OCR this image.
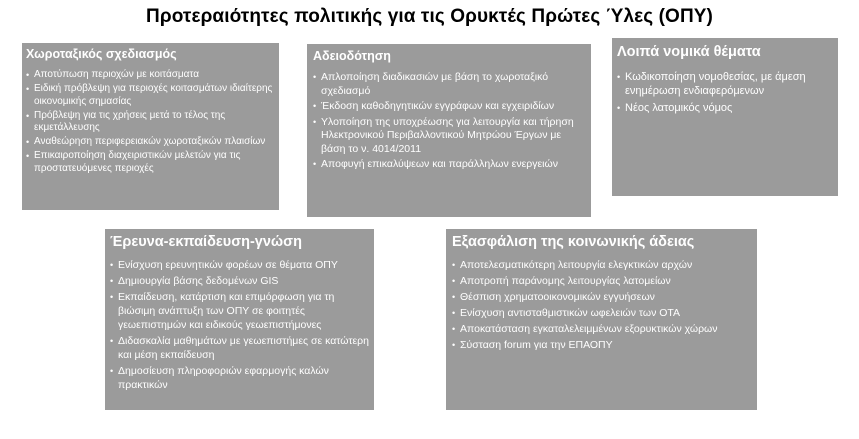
Προτεραιότητες πολιτικής για τις Ορυκτές Πρώτες Ύλες (ΟΠΥ)
Χωροταξικός σχεδιασμός
• Αποτύπωση περιοχών με κοιτάσματα
• Ειδική πρόβλεψη για περιοχές κοιτασμάτων ιδιαίτερης οικονομικής σημασίας
• Πρόβλεψη για τις χρήσεις μετά το τέλος της εκμετάλλευσης
• Αναθεώρηση περιφερειακών χωροταξικών πλαισίων
• Επικαιροποίηση διαχειριστικών μελετών για τις προστατευόμενες περιοχές
Αδειοδότηση
• Απλοποίηση διαδικασιών με βάση το χωροταξικό σχεδιασμό
• Έκδοση καθοδηγητικών εγγράφων και εγχειριδίων
• Υλοποίηση της υποχρέωσης για λειτουργία και τήρηση Ηλεκτρονικού Περιβαλλοντικού Μητρώου Έργων με βάση το ν. 4014/2011
• Αποφυγή επικαλύψεων και παράλληλων ενεργειών
Λοιπά νομικά θέματα
• Κωδικοποίηση νομοθεσίας, με άμεση ενημέρωση ενδιαφερόμενων
• Νέος λατομικός νόμος
Έρευνα-εκπαίδευση-γνώση
• Ενίσχυση ερευνητικών φορέων σε θέματα ΟΠΥ
• Δημιουργία βάσης δεδομένων GIS
• Εκπαίδευση, κατάρτιση και επιμόρφωση για τη βιώσιμη ανάπτυξη των ΟΠΥ σε φοιτητές γεωεπιστημών και ειδικούς γεωεπιστήμονες
• Διδασκαλία μαθημάτων με γεωεπιστήμες σε κατώτερη και μέση εκπαίδευση
• Δημοσίευση πληροφοριών εφαρμογής καλών πρακτικών
Εξασφάλιση της κοινωνικής άδειας
• Αποτελεσματικότερη λειτουργία ελεγκτικών αρχών
• Αποτροπή παράνομης λειτουργίας λατομείων
• Θέσπιση χρηματοοικονομικών εγγυήσεων
• Ενίσχυση αντισταθμιστικών ωφελειών των ΟΤΑ
• Αποκατάσταση εγκαταλελειμμένων εξορυκτικών χώρων
• Σύσταση forum για την ΕΠΑΟΠΥ
